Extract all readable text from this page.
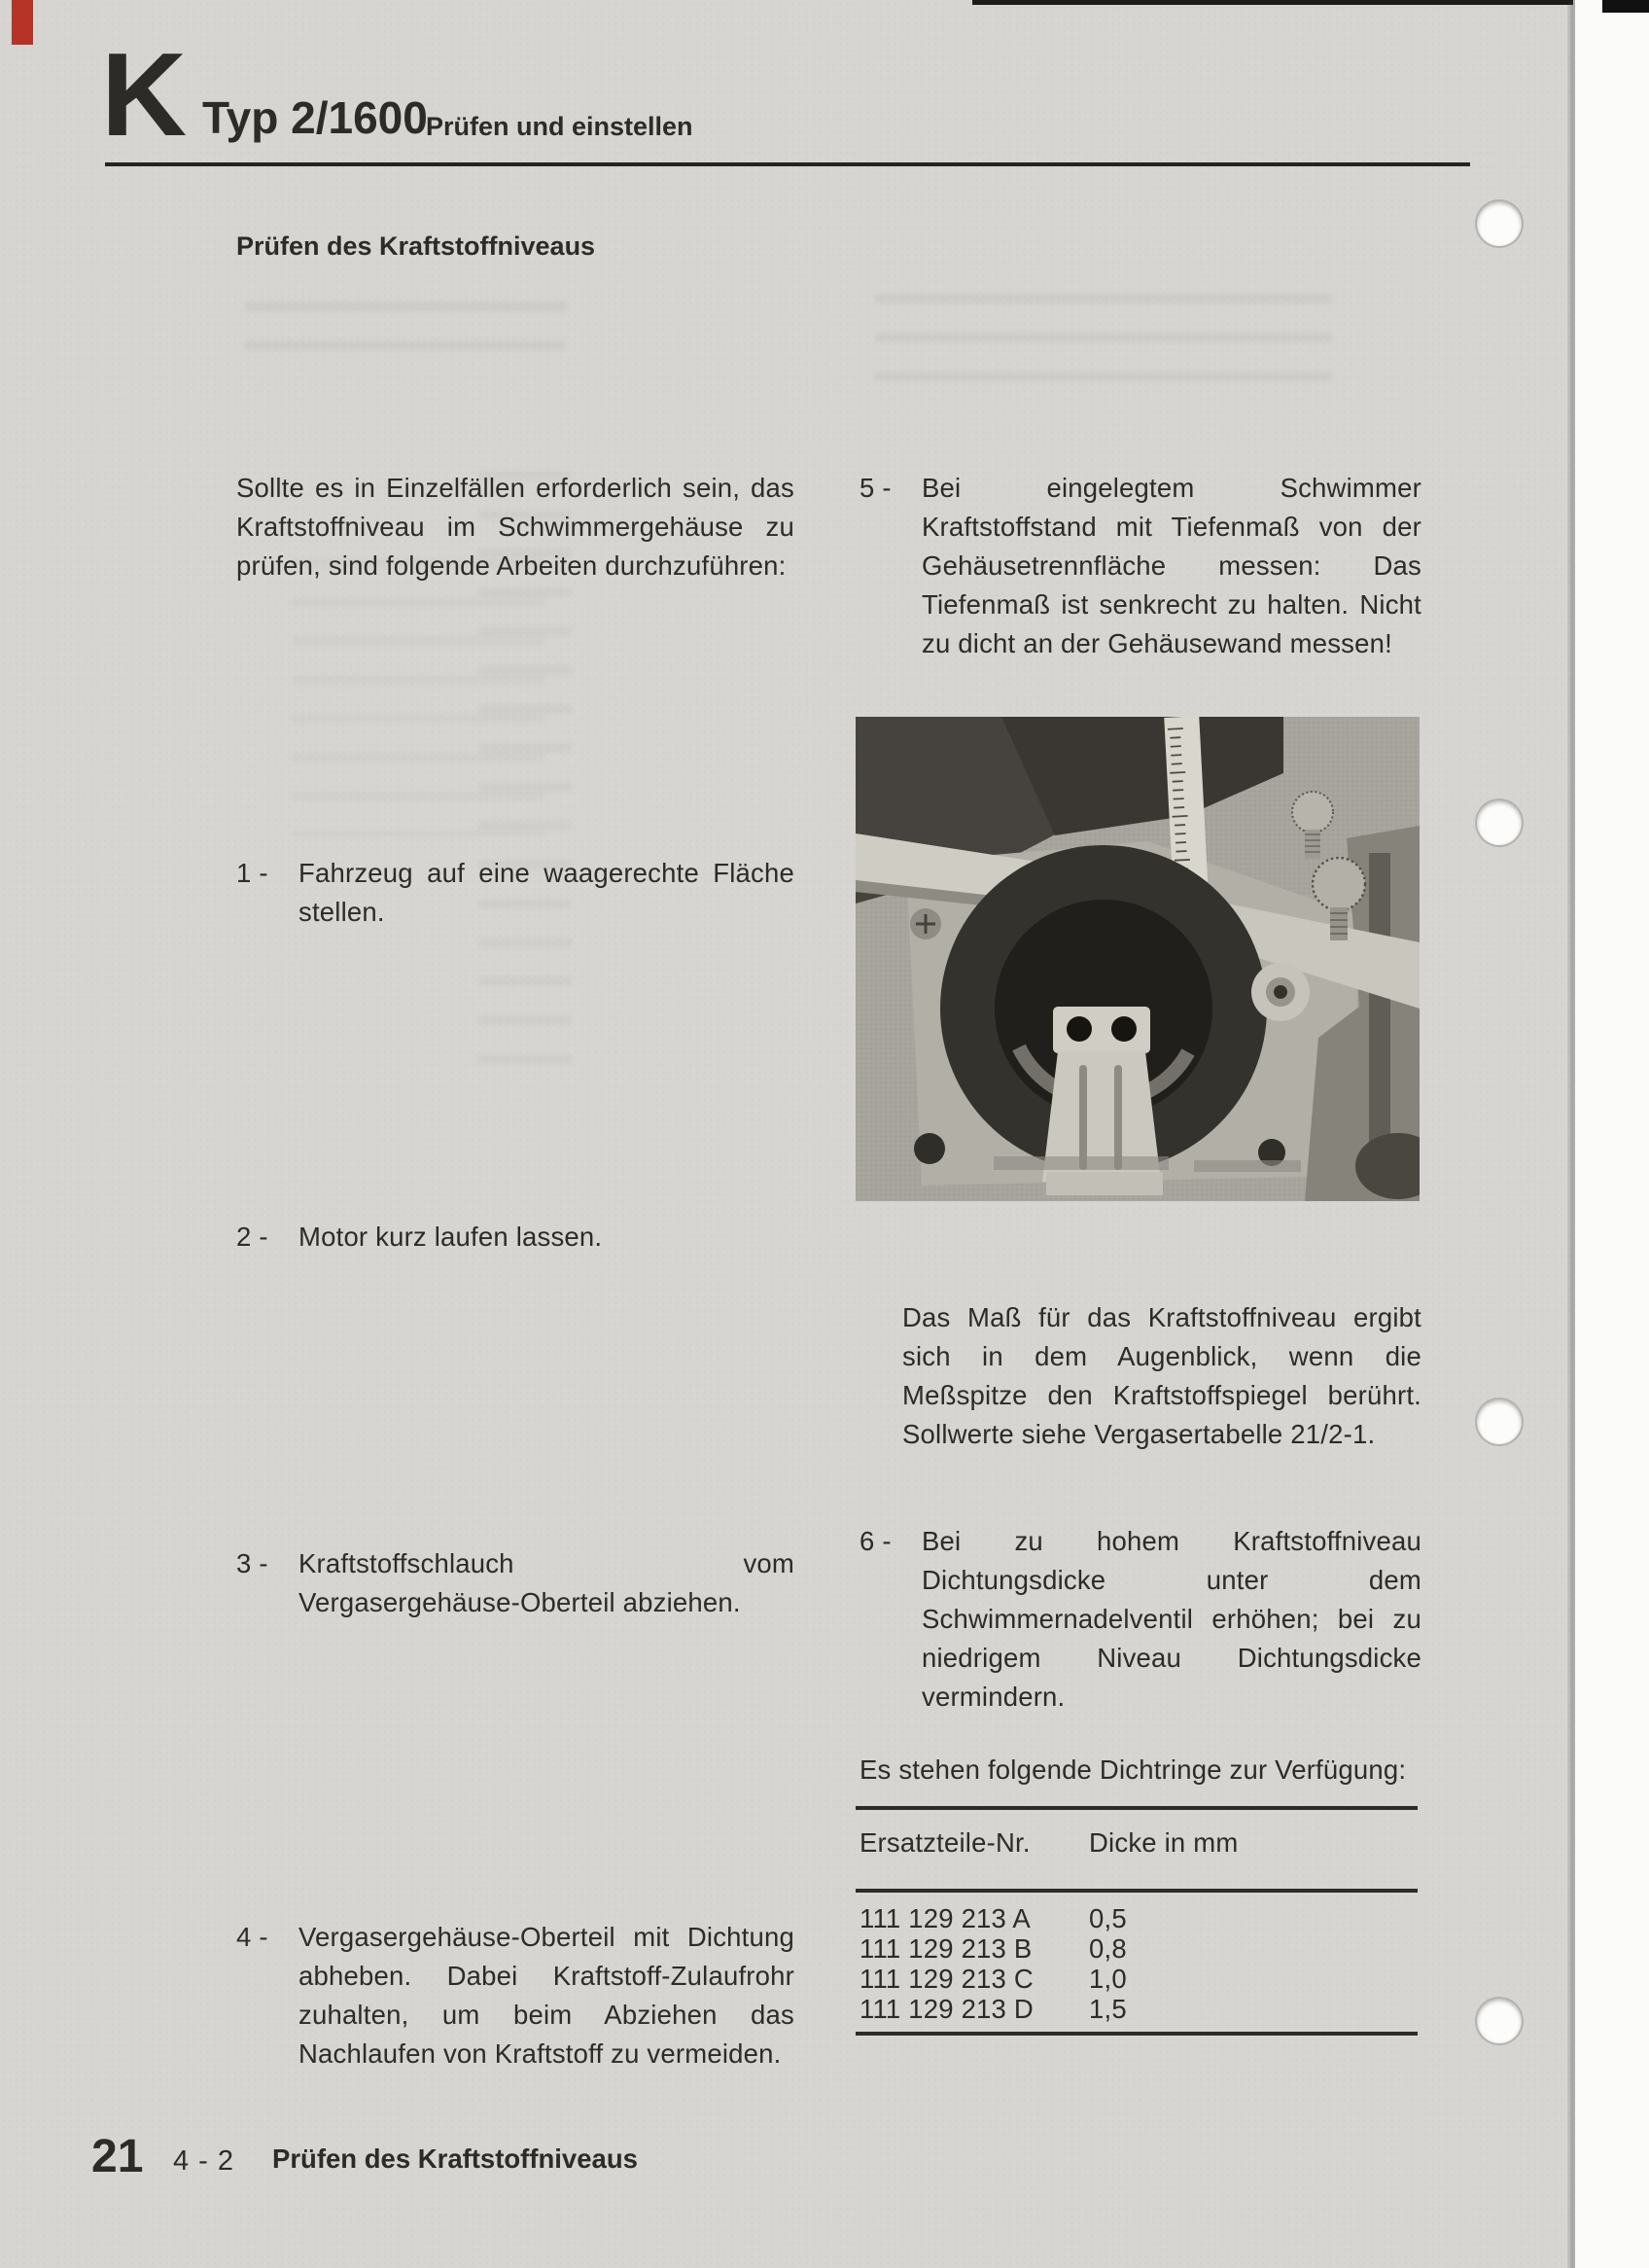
K Typ 2/1600
Prüfen und einstellen
Prüfen des Kraftstoffniveaus

Sollte es in Einzelfällen erforderlich sein, das Kraftstoffniveau im Schwimmergehäuse zu prüfen, sind folgende Arbeiten durchzuführen:

1 -	Fahrzeug auf eine waagerechte Fläche stellen.

2 -	Motor kurz laufen lassen.

3 -	Kraftstoffschlauch vom Vergasergehäuse-Oberteil abziehen.

4 -	Vergasergehäuse-Oberteil mit Dichtung abheben. Dabei Kraftstoff-Zulaufrohr zuhalten, um beim Abziehen das Nachlaufen von Kraftstoff zu vermeiden.

5 -	Bei eingelegtem Schwimmer Kraftstoffstand mit Tiefenmaß von der Gehäusetrennfläche messen: Das Tiefenmaß ist senkrecht zu halten. Nicht zu dicht an der Gehäusewand messen!

Das Maß für das Kraftstoffniveau ergibt sich in dem Augenblick, wenn die Meßspitze den Kraftstoffspiegel berührt. Sollwerte siehe Vergasertabelle 21/2-1.

6 -	Bei zu hohem Kraftstoffniveau Dichtungsdicke unter dem Schwimmernadelventil erhöhen; bei zu niedrigem Niveau Dichtungsdicke vermindern.

Es stehen folgende Dichtringe zur Verfügung:

Ersatzteile-Nr. Dicke in mm
111 129 213 A 0,5
111 129 213 B 0,8
111 129 213 C 1,0
111 129 213 D 1,5
21 4 - 2 Prüfen des Kraftstoffniveaus
